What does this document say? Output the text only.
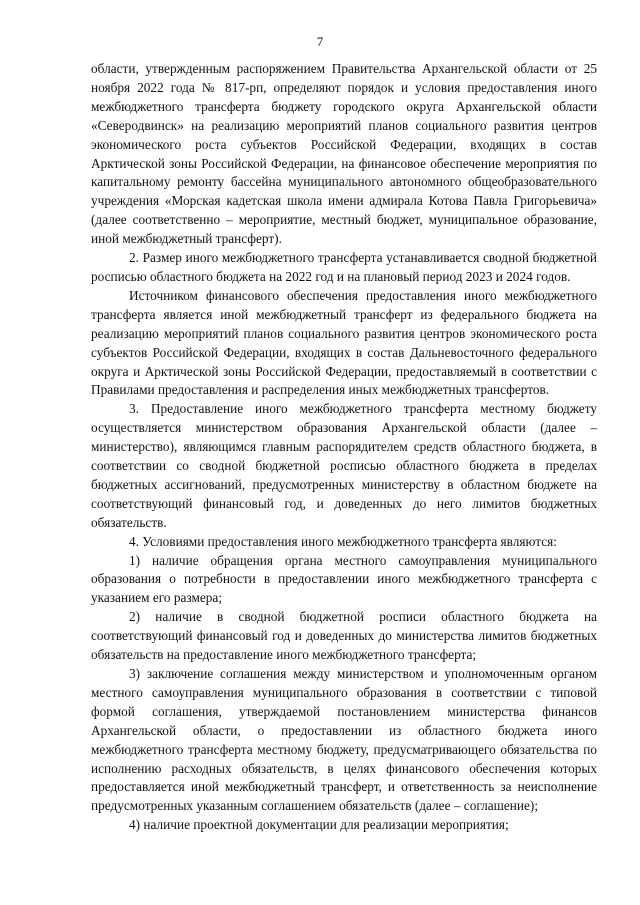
7

области, утвержденным распоряжением Правительства Архангельской области от 25 ноября 2022 года № 817-рп, определяют порядок и условия предоставления иного межбюджетного трансферта бюджету городского округа Архангельской области «Северодвинск» на реализацию мероприятий планов социального развития центров экономического роста субъектов Российской Федерации, входящих в состав Арктической зоны Российской Федерации, на финансовое обеспечение мероприятия по капитальному ремонту бассейна муниципального автономного общеобразовательного учреждения «Морская кадетская школа имени адмирала Котова Павла Григорьевича» (далее соответственно – мероприятие, местный бюджет, муниципальное образование, иной межбюджетный трансферт).

2. Размер иного межбюджетного трансферта устанавливается сводной бюджетной росписью областного бюджета на 2022 год и на плановый период 2023 и 2024 годов.

Источником финансового обеспечения предоставления иного межбюджетного трансферта является иной межбюджетный трансферт из федерального бюджета на реализацию мероприятий планов социального развития центров экономического роста субъектов Российской Федерации, входящих в состав Дальневосточного федерального округа и Арктической зоны Российской Федерации, предоставляемый в соответствии с Правилами предоставления и распределения иных межбюджетных трансфертов.

3. Предоставление иного межбюджетного трансферта местному бюджету осуществляется министерством образования Архангельской области (далее – министерство), являющимся главным распорядителем средств областного бюджета, в соответствии со сводной бюджетной росписью областного бюджета в пределах бюджетных ассигнований, предусмотренных министерству в областном бюджете на соответствующий финансовый год, и доведенных до него лимитов бюджетных обязательств.

4. Условиями предоставления иного межбюджетного трансферта являются:

1) наличие обращения органа местного самоуправления муниципального образования о потребности в предоставлении иного межбюджетного трансферта с указанием его размера;

2) наличие в сводной бюджетной росписи областного бюджета на соответствующий финансовый год и доведенных до министерства лимитов бюджетных обязательств на предоставление иного межбюджетного трансферта;

3) заключение соглашения между министерством и уполномоченным органом местного самоуправления муниципального образования в соответствии с типовой формой соглашения, утверждаемой постановлением министерства финансов Архангельской области, о предоставлении из областного бюджета иного межбюджетного трансферта местному бюджету, предусматривающего обязательства по исполнению расходных обязательств, в целях финансового обеспечения которых предоставляется иной межбюджетный трансферт, и ответственность за неисполнение предусмотренных указанным соглашением обязательств (далее – соглашение);

4) наличие проектной документации для реализации мероприятия;
